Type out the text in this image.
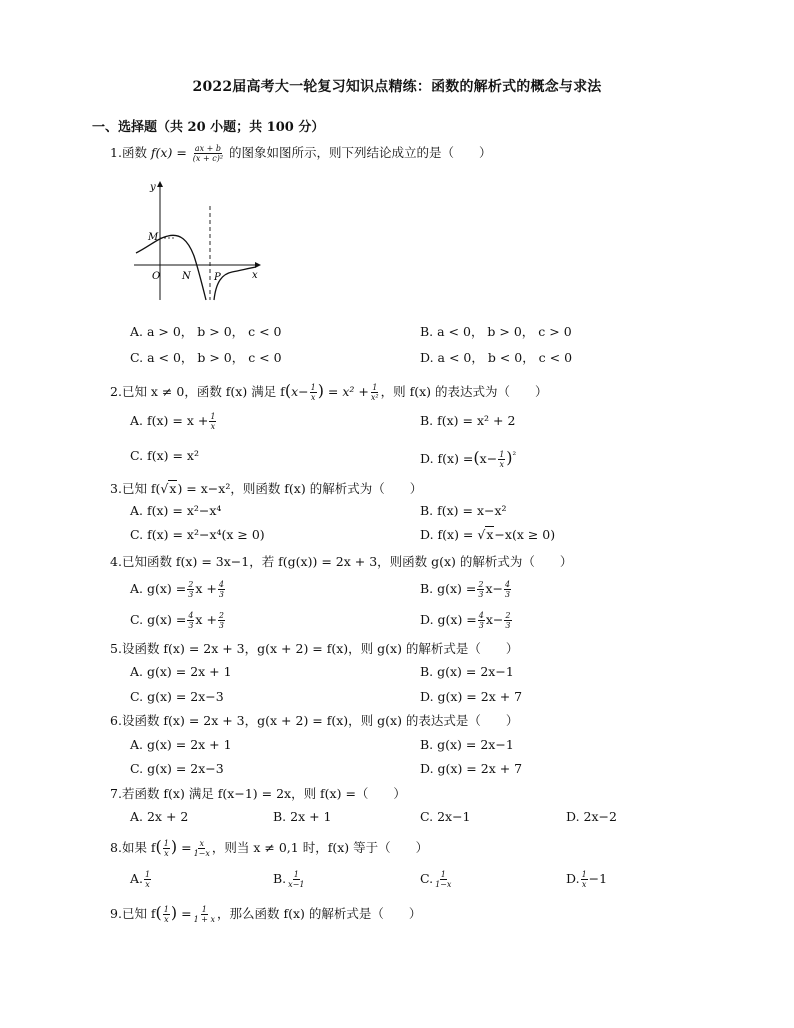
2022届高考大一轮复习知识点精练：函数的解析式的概念与求法
一、选择题（共 20 小题；共 100 分）
1.函数 $f(x) = \frac{ax + b}{\text{(x + c)²}}$ 的图象如图所示，则下列结论成立的是（　　）
y
x
M
O N P
A. a > 0， b > 0， c < 0	B. a < 0， b > 0， c > 0
C. a < 0， b > 0， c < 0	D. a < 0， b < 0， c < 0
2.已知 x ≠ 0，函数 f(x) 满足 $f(x- \frac{1}{x}$ ) = $x^2 + \frac{1}{\text{x²}}$ ，则 f(x) 的表达式为（　　）
A. $f(x) = x + \frac{1}{x}$	B. f(x) = x² + 2
C. f(x) = x²	D. $f(x) =(x- \frac{1}{x} )^{^2}$
3.已知 f(√x) = x−x²，则函数 f(x) 的解析式为（　　）
A. f(x) = x²−x⁴	B. f(x) = x−x²
C. f(x) = x²−x⁴(x ≥ 0)	D. f(x) = √x−x(x ≥ 0)
4.已知函数 f(x) = 3x−1，若 f(g(x)) = 2x + 3，则函数 g(x) 的解析式为（　　）
A. $g(x) = \frac{2}{3}$ $x + \frac{4}{3}$	B. $g(x) = \frac{2}{3} x- \frac{4}{3}$
C. $g(x) = \frac{4}{3}$ $x + \frac{2}{3}$	D. $g(x) = \frac{4}{3} x- \frac{2}{3}$
5.设函数 f(x) = 2x + 3，g(x + 2) = f(x)，则 g(x) 的解析式是（　　）
A. g(x) = 2x + 1	B. g(x) = 2x−1
C. g(x) = 2x−3	D. g(x) = 2x + 7
6.设函数 f(x) = 2x + 3，g(x + 2) = f(x)，则 g(x) 的表达式是（　　）
A. g(x) = 2x + 1	B. g(x) = 2x−1
C. g(x) = 2x−3	D. g(x) = 2x + 7
7.若函数 f(x) 满足 f(x−1) = 2x，则 f(x) =（　　）
A. 2x + 2	B. 2x + 1	C. 2x−1	D. 2x−2
8.如果 $f( \frac{1}{x}$ ) = $\frac{x}{1-x}$ ，则当 x ≠ 0,1 时，f(x) 等于（　　）
A. $\frac{1}{x}$	B. $\frac{1}{x-1}$	C. $\frac{1}{1-x}$	D. $\frac{1}{x} -1$
9.已知 $f( \frac{1}{x}$ ) = $\frac{1}{1 + x}$ ，那么函数 f(x) 的解析式是（　　）
